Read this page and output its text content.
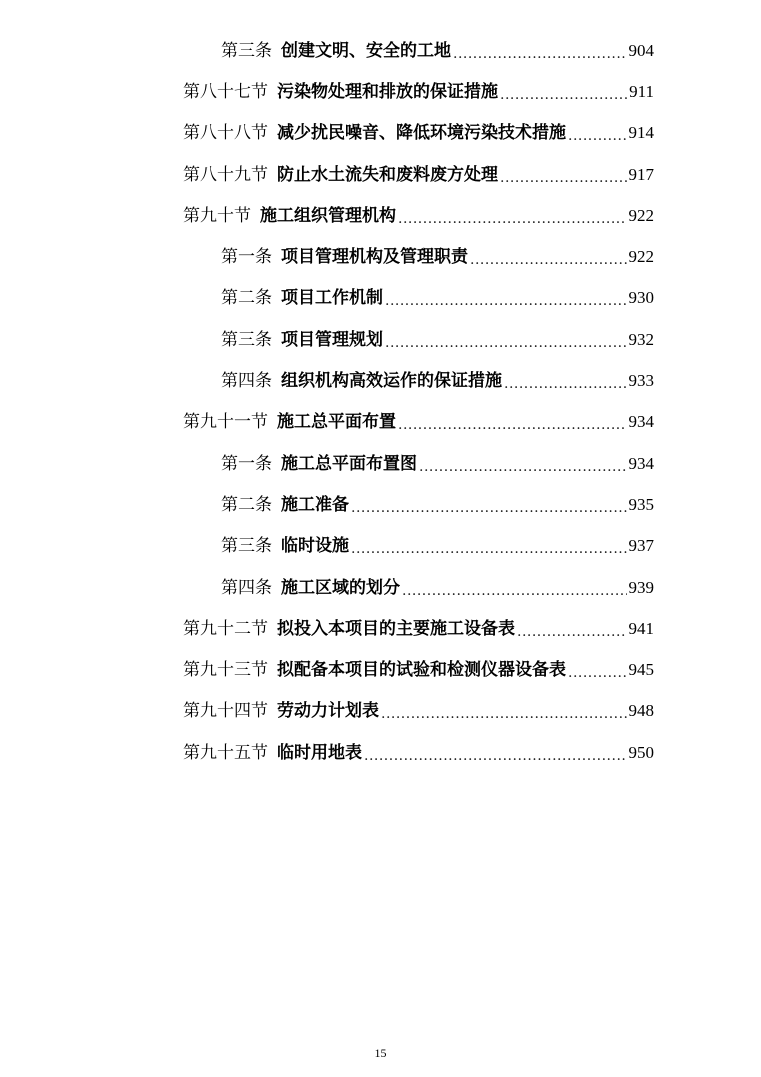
第三条 创建文明、安全的工地 .....	904
第八十七节 污染物处理和排放的保证措施 .....	911
第八十八节 减少扰民噪音、降低环境污染技术措施 .....	914
第八十九节 防止水土流失和废料废方处理 .....	917
第九十节 施工组织管理机构 .....	922
第一条 项目管理机构及管理职责 .....	922
第二条 项目工作机制 .....	930
第三条 项目管理规划 .....	932
第四条 组织机构高效运作的保证措施 .....	933
第九十一节 施工总平面布置 .....	934
第一条 施工总平面布置图 .....	934
第二条 施工准备 .....	935
第三条 临时设施 .....	937
第四条 施工区域的划分 .....	939
第九十二节 拟投入本项目的主要施工设备表 .....	941
第九十三节 拟配备本项目的试验和检测仪器设备表 .....	945
第九十四节 劳动力计划表 .....	948
第九十五节 临时用地表 .....	950
15
